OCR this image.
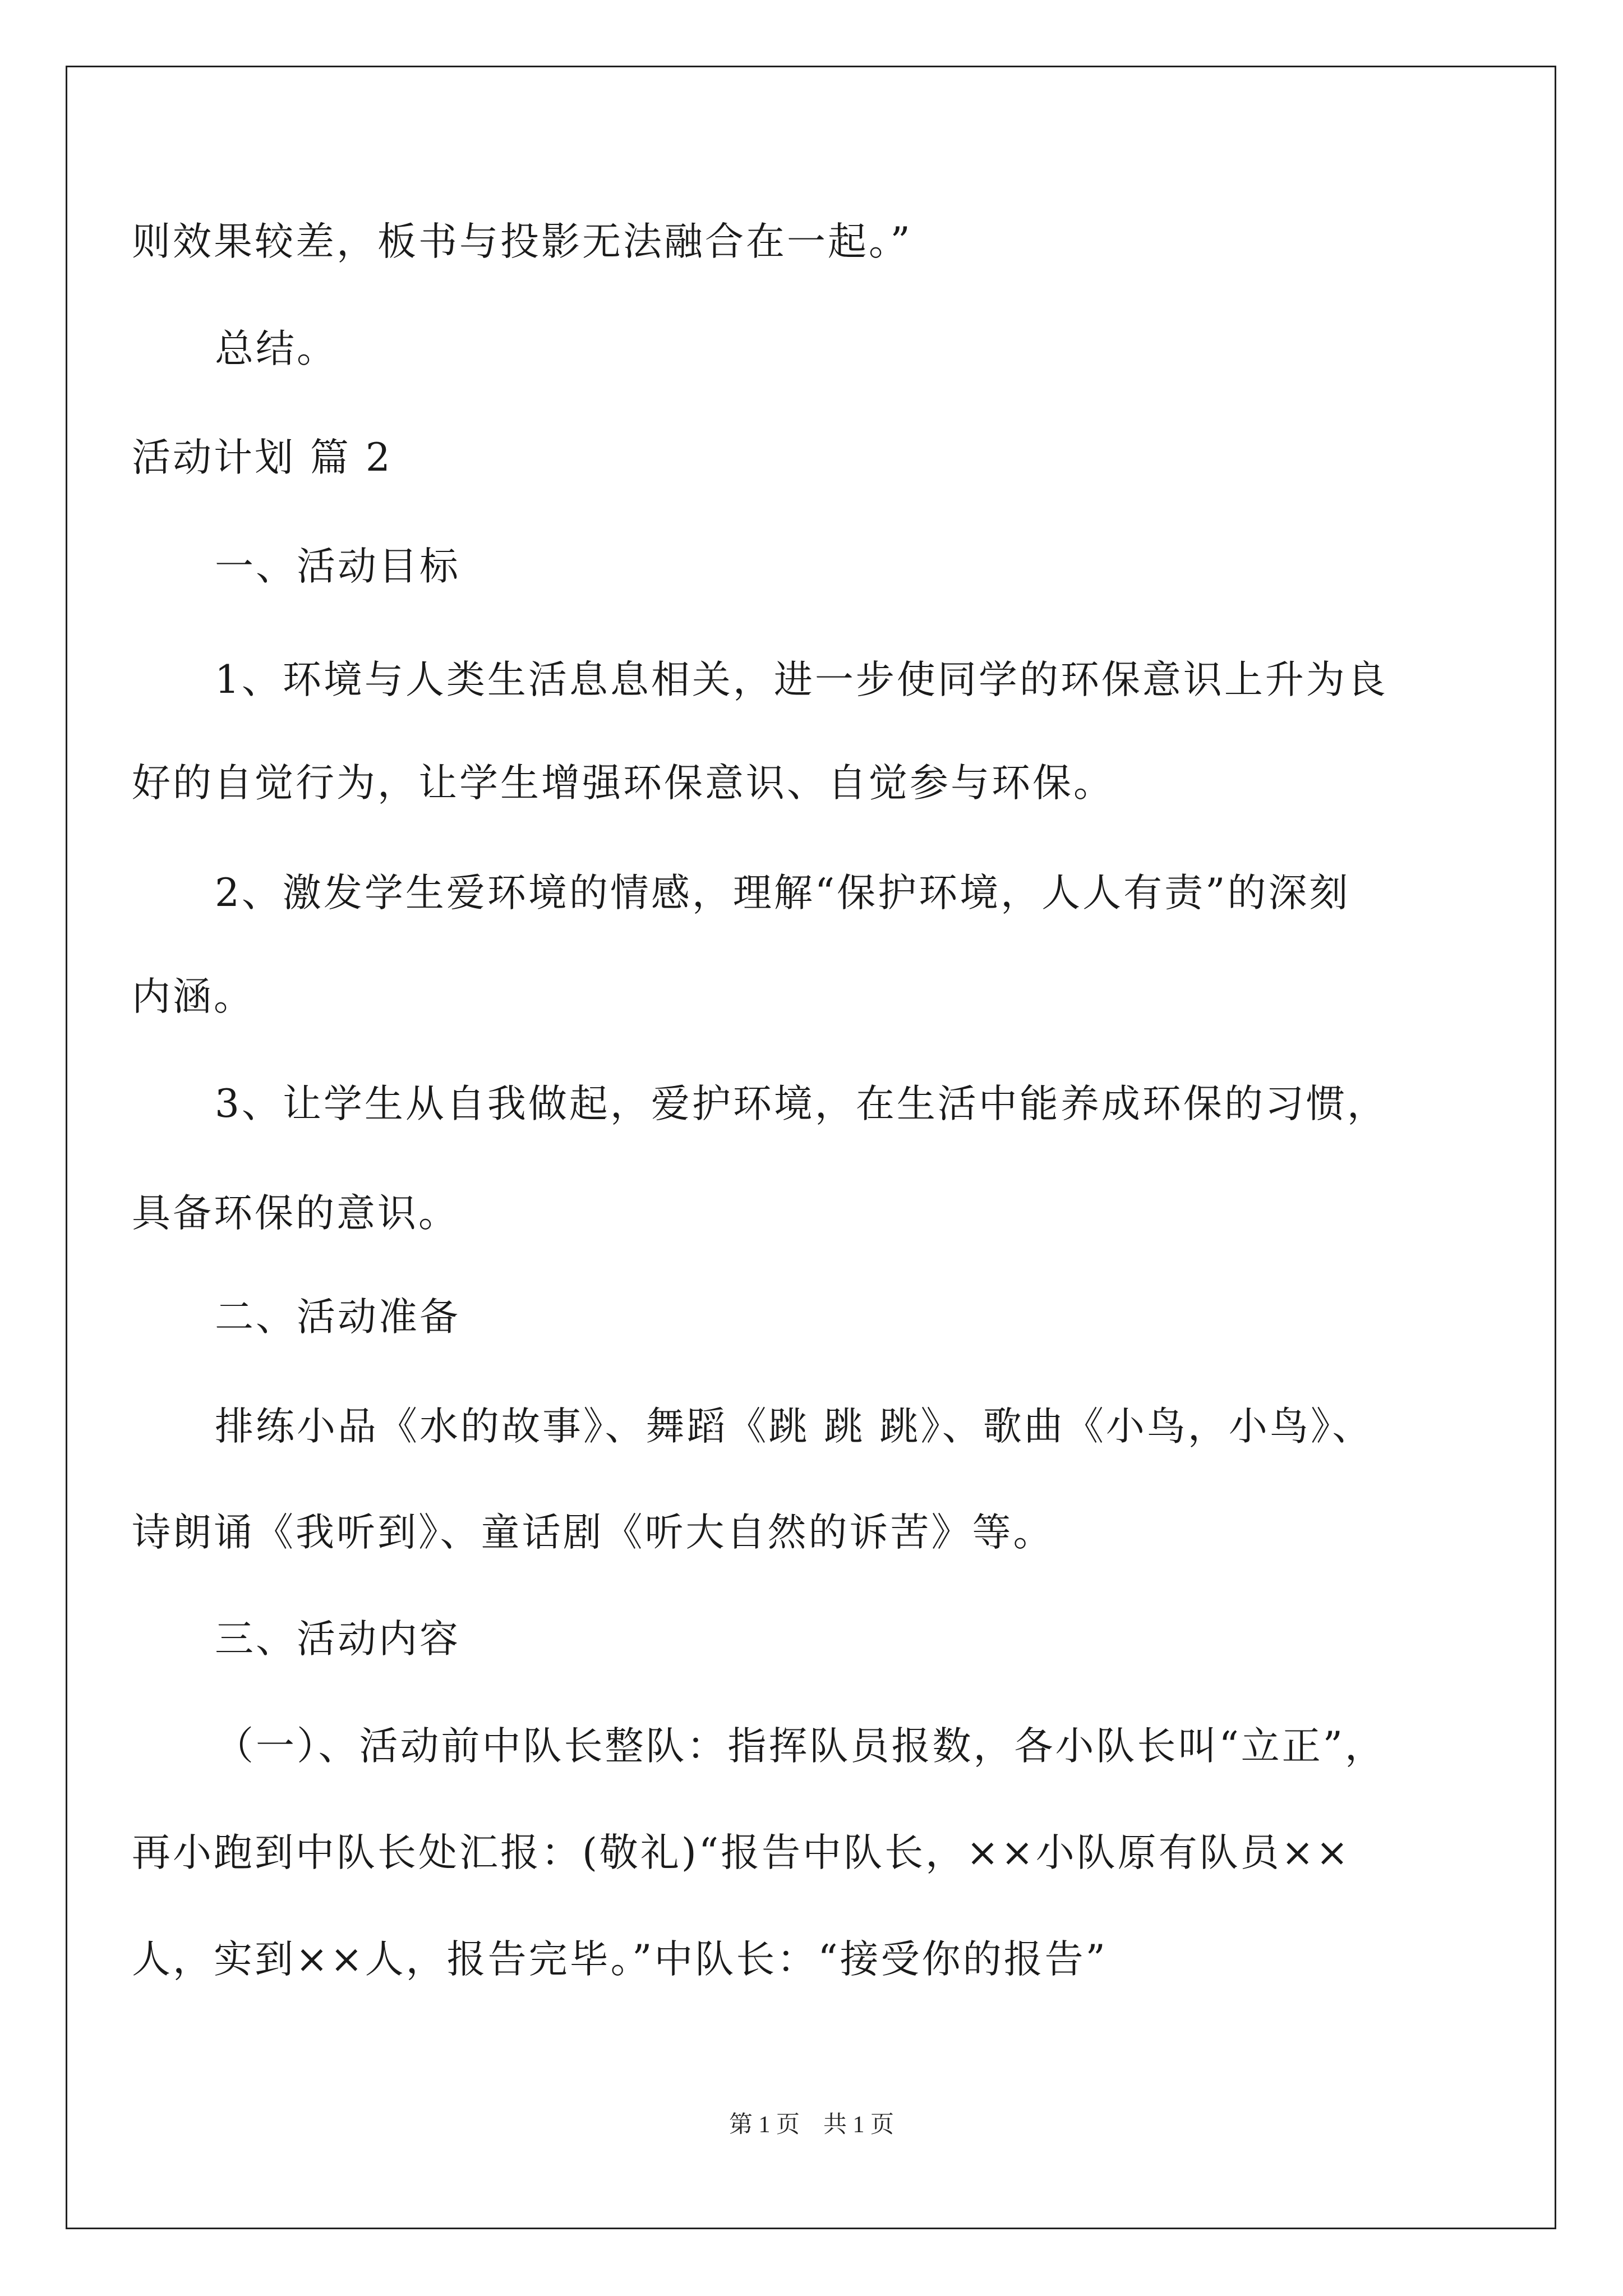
则效果较差，板书与投影无法融合在一起。”
总结。
活动计划 篇 2
一、活动目标
1、环境与人类生活息息相关，进一步使同学的环保意识上升为良
好的自觉行为，让学生增强环保意识、自觉参与环保。
2、激发学生爱环境的情感，理解“保护环境，人人有责”的深刻
内涵。
3、让学生从自我做起，爱护环境，在生活中能养成环保的习惯，
具备环保的意识。
二、活动准备
排练小品《水的故事》、舞蹈《跳 跳 跳》、歌曲《小鸟，小鸟》、
诗朗诵《我听到》、童话剧《听大自然的诉苦》等。
三、活动内容
（一）、活动前中队长整队：指挥队员报数，各小队长叫“立正”，
再小跑到中队长处汇报：(敬礼)“报告中队长，××小队原有队员××
人，实到××人，报告完毕。”中队长：“接受你的报告”
第 1 页　共 1 页
